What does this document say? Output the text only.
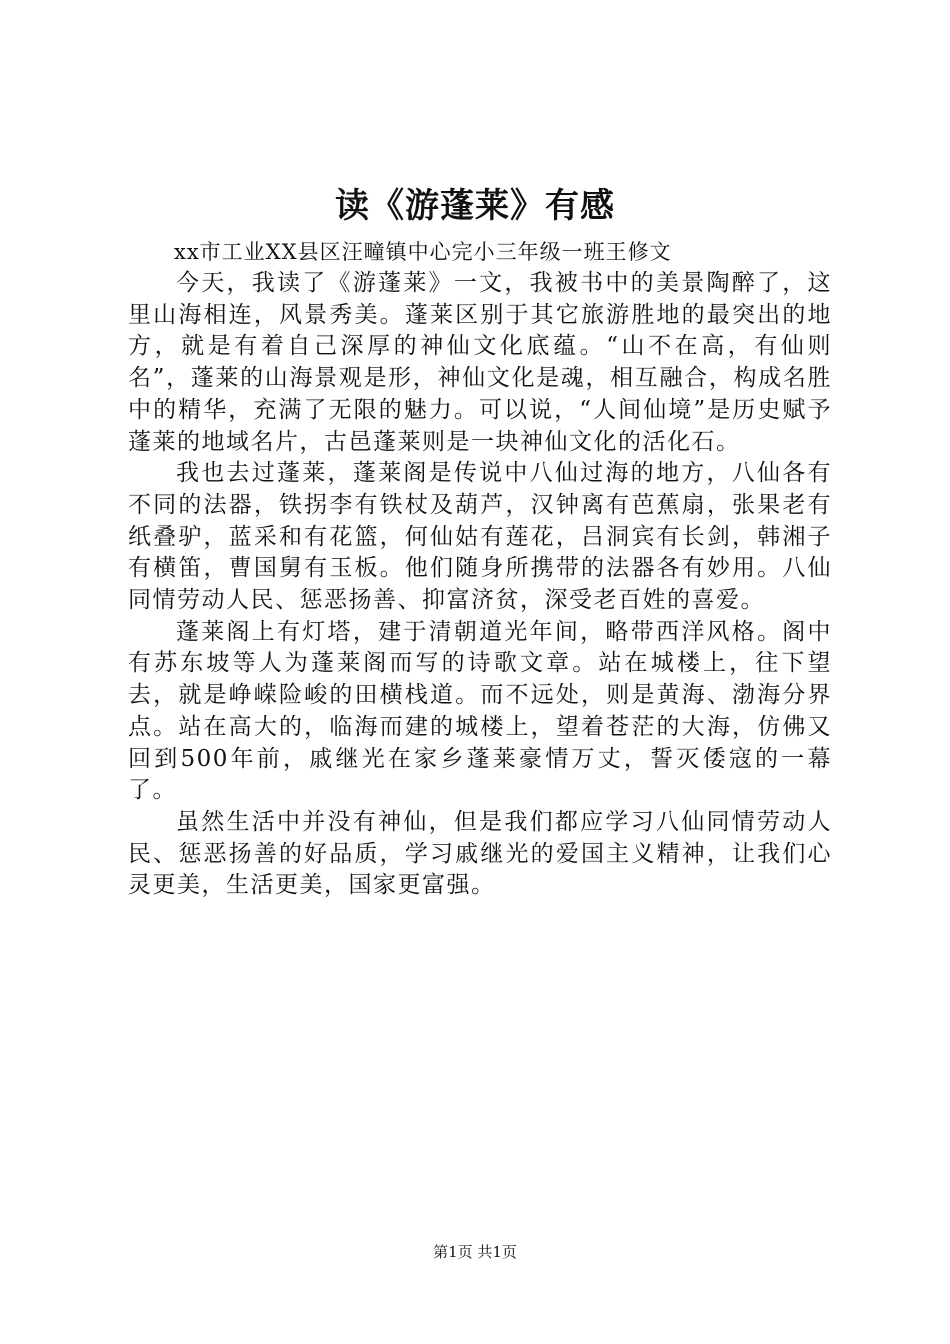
读《游蓬莱》有感

xx市工业XX县区汪疃镇中心完小三年级一班王修文

今天，我读了《游蓬莱》一文，我被书中的美景陶醉了，这里山海相连，风景秀美。蓬莱区别于其它旅游胜地的最突出的地方，就是有着自己深厚的神仙文化底蕴。“山不在高，有仙则名”，蓬莱的山海景观是形，神仙文化是魂，相互融合，构成名胜中的精华，充满了无限的魅力。可以说，“人间仙境”是历史赋予蓬莱的地域名片，古邑蓬莱则是一块神仙文化的活化石。

我也去过蓬莱，蓬莱阁是传说中八仙过海的地方，八仙各有不同的法器，铁拐李有铁杖及葫芦，汉钟离有芭蕉扇，张果老有纸叠驴，蓝采和有花篮，何仙姑有莲花，吕洞宾有长剑，韩湘子有横笛，曹国舅有玉板。他们随身所携带的法器各有妙用。八仙同情劳动人民、惩恶扬善、抑富济贫，深受老百姓的喜爱。

蓬莱阁上有灯塔，建于清朝道光年间，略带西洋风格。阁中有苏东坡等人为蓬莱阁而写的诗歌文章。站在城楼上，往下望去，就是峥嵘险峻的田横栈道。而不远处，则是黄海、渤海分界点。站在高大的，临海而建的城楼上，望着苍茫的大海，仿佛又回到500年前，戚继光在家乡蓬莱豪情万丈，誓灭倭寇的一幕了。

虽然生活中并没有神仙，但是我们都应学习八仙同情劳动人民、惩恶扬善的好品质，学习戚继光的爱国主义精神，让我们心灵更美，生活更美，国家更富强。

第1页 共1页
